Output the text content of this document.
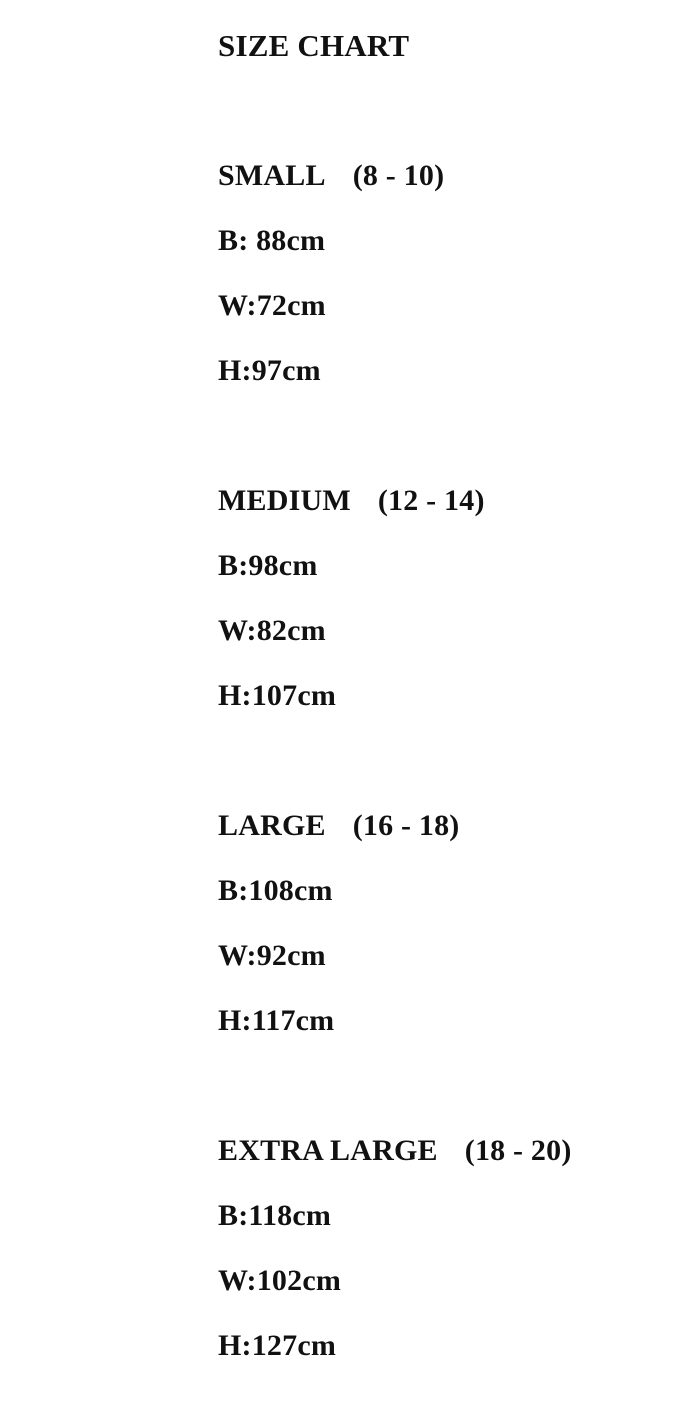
SIZE CHART
SMALL (8 - 10)
B: 88cm
W:72cm
H:97cm
MEDIUM (12 - 14)
B:98cm
W:82cm
H:107cm
LARGE (16 - 18)
B:108cm
W:92cm
H:117cm
EXTRA LARGE (18 - 20)
B:118cm
W:102cm
H:127cm
